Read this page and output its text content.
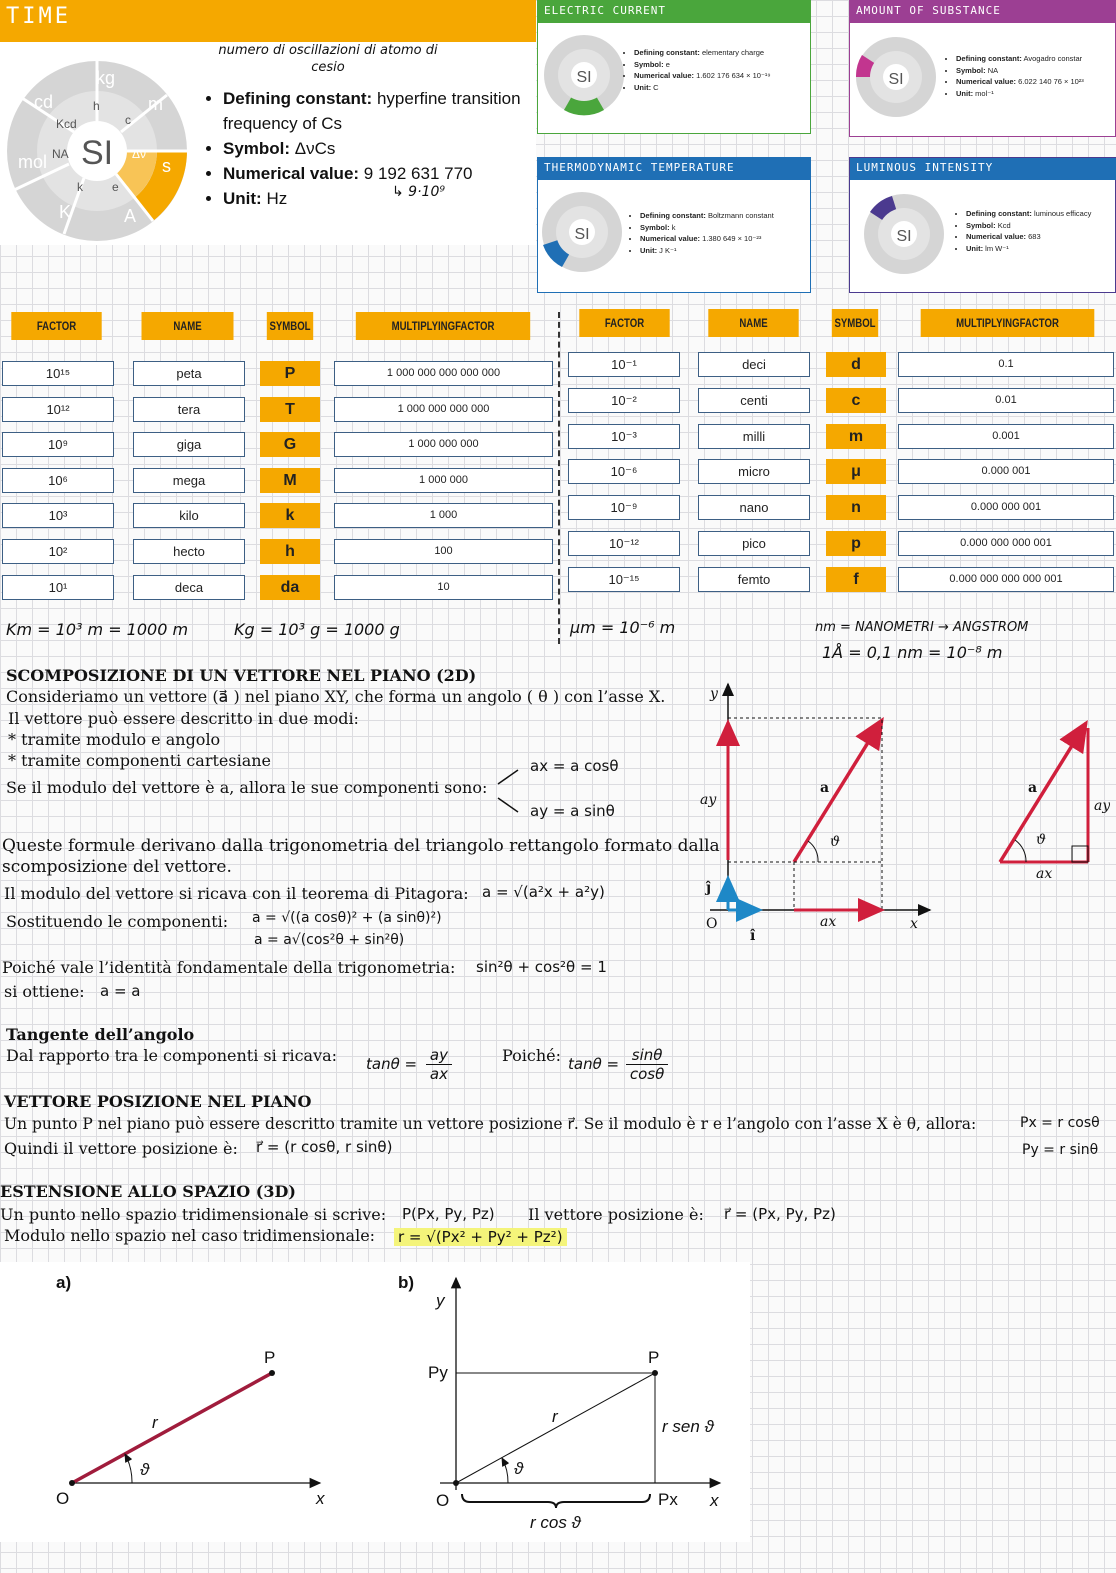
TIME
SI
kg
m
s
A
K
mol
cd	h
c
Δν
e
k
NA
Kcd
numero di oscillazioni di atomo di cesio
• Defining constant: hyperfine transition frequency of Cs
• Symbol: ΔνCs
• Numerical value: 9 192 631 770
• Unit: Hz	↳ 9·10⁹
ELECTRIC CURRENT
SI
• Defining constant: elementary charge
• Symbol: e
• Numerical value: 1.602 176 634 × 10⁻¹⁹
• Unit: C
AMOUNT OF SUBSTANCE
SI
• Defining constant: Avogadro constar
• Symbol: NA
• Numerical value: 6.022 140 76 × 10²³
• Unit: mol⁻¹
THERMODYNAMIC TEMPERATURE
SI
• Defining constant: Boltzmann constant
• Symbol: k
• Numerical value: 1.380 649 × 10⁻²³
• Unit: J K⁻¹
LUMINOUS INTENSITY
SI
• Defining constant: luminous efficacy
• Symbol: Kcd
• Numerical value: 683
• Unit: lm W⁻¹
FACTOR	NAME	SYMBOL	MULTIPLYINGFACTOR	FACTOR	NAME	SYMBOL	MULTIPLYINGFACTOR
10¹⁵	peta	P	1 000 000 000 000 000
10¹²	tera	T	1 000 000 000 000
10⁹	giga	G	1 000 000 000
10⁶	mega	M	1 000 000
10³	kilo	k	1 000
10²	hecto	h	100
10¹	deca	da	10
10⁻¹	deci	d	0.1
10⁻²	centi	c	0.01
10⁻³	milli	m	0.001
10⁻⁶	micro	μ	0.000 001
10⁻⁹	nano	n	0.000 000 001
10⁻¹²	pico	p	0.000 000 000 001
10⁻¹⁵	femto	f	0.000 000 000 000 001
Km = 10³ m = 1000 m	Kg = 10³ g = 1000 g	μm = 10⁻⁶ m	nm = NANOMETRI → ANGSTROM
1Å = 0,1 nm = 10⁻⁸ m
SCOMPOSIZIONE DI UN VETTORE NEL PIANO (2D)
Consideriamo un vettore (a⃗ ) nel piano XY, che forma un angolo ( θ ) con l’asse X.
Il vettore può essere descritto in due modi:
* tramite modulo e angolo
* tramite componenti cartesiane
Se il modulo del vettore è a, allora le sue componenti sono:
ax = a cosθ
ay = a sinθ
Queste formule derivano dalla trigonometria del triangolo rettangolo formato dalla
scomposizione del vettore.
Il modulo del vettore si ricava con il teorema di Pitagora: a = √(a²x + a²y)
Sostituendo le componenti: a = √((a cosθ)² + (a sinθ)²)
a = a√(cos²θ + sin²θ)
Poiché vale l’identità fondamentale della trigonometria: sin²θ + cos²θ = 1
si ottiene: a = a
y
x
O
a
ay
ax
ϑ
ĵ
î
a
ay
ax
ϑ
Tangente dell’angolo
Dal rapporto tra le componenti si ricava: $\tan\theta = \frac{ay}{ax}$	Poiché: $\tan\theta = \frac{\sin\theta}{\cos\theta}$
VETTORE POSIZIONE NEL PIANO
Un punto P nel piano può essere descritto tramite un vettore posizione r⃗. Se il modulo è r e l’angolo con l’asse X è θ, allora:	Px = r cosθ
Quindi il vettore posizione è: r⃗ = (r cosθ, r sinθ)	Py = r sinθ
ESTENSIONE ALLO SPAZIO (3D)
Un punto nello spazio tridimensionale si scrive: P(Px, Py, Pz) Il vettore posizione è: r⃗ = (Px, Py, Pz)
Modulo nello spazio nel caso tridimensionale: r = √(Px² + Py² + Pz²)
a)	b)
O	x
P
r
ϑ
O
y
x
P
Py
Px
r
ϑ
r sen ϑ
r cos ϑ
